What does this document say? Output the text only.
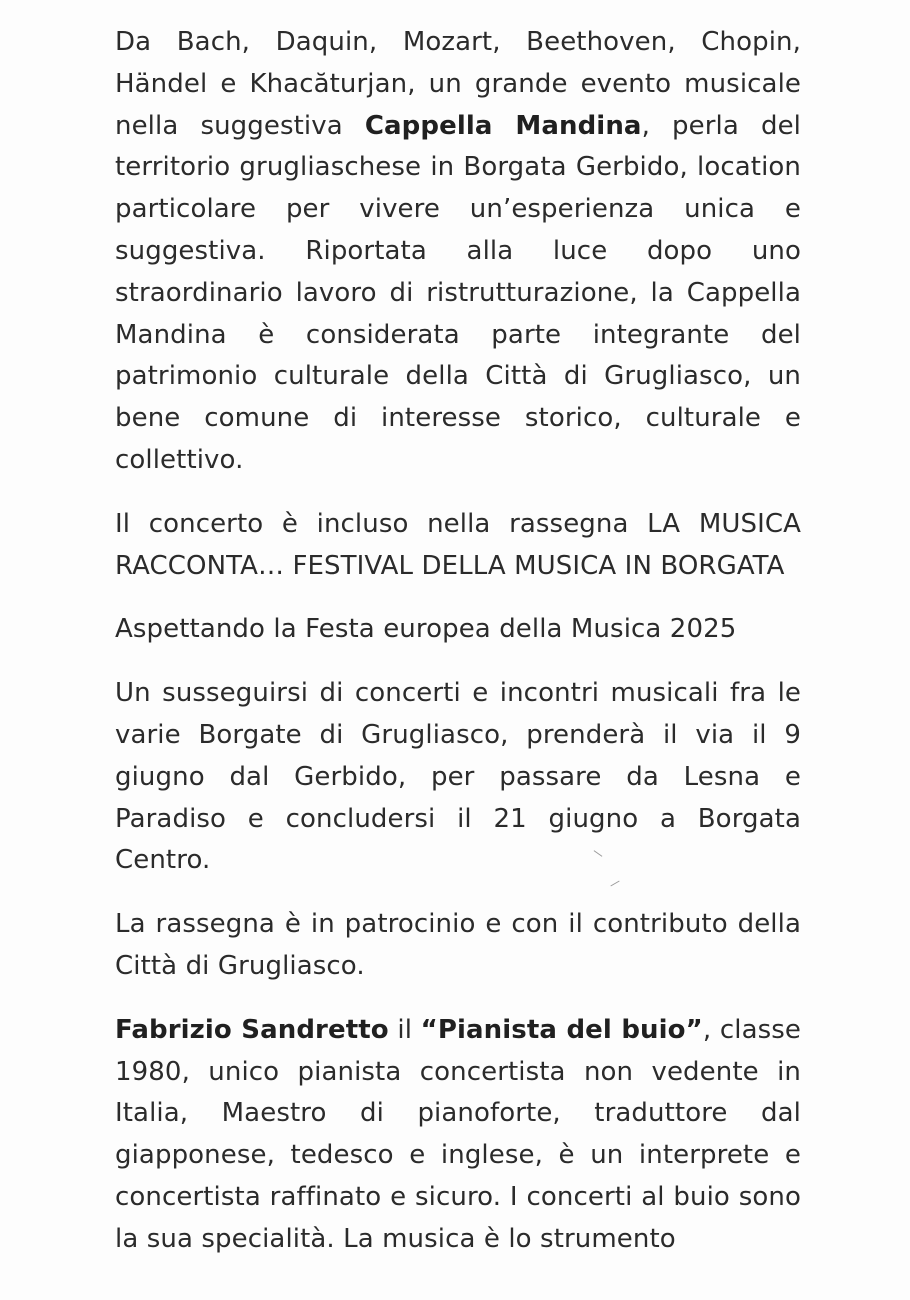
Da Bach, Daquin, Mozart, Beethoven, Chopin, Händel e Khacăturjan, un grande evento musicale nella suggestiva Cappella Mandina, perla del territorio grugliaschese in Borgata Gerbido, location particolare per vivere un’esperienza unica e suggestiva. Riportata alla luce dopo uno straordinario lavoro di ristrutturazione, la Cappella Mandina è considerata parte integrante del patrimonio culturale della Città di Grugliasco, un bene comune di interesse storico, culturale e collettivo.

Il concerto è incluso nella rassegna LA MUSICA RACCONTA… FESTIVAL DELLA MUSICA IN BORGATA

Aspettando la Festa europea della Musica 2025

Un susseguirsi di concerti e incontri musicali fra le varie Borgate di Grugliasco, prenderà il via il 9 giugno dal Gerbido, per passare da Lesna e Paradiso e concludersi il 21 giugno a Borgata Centro.

La rassegna è in patrocinio e con il contributo della Città di Grugliasco.

Fabrizio Sandretto il “Pianista del buio”, classe 1980, unico pianista concertista non vedente in Italia, Maestro di pianoforte, traduttore dal giapponese, tedesco e inglese, è un interprete e concertista raffinato e sicuro. I concerti al buio sono la sua specialità. La musica è lo strumento
